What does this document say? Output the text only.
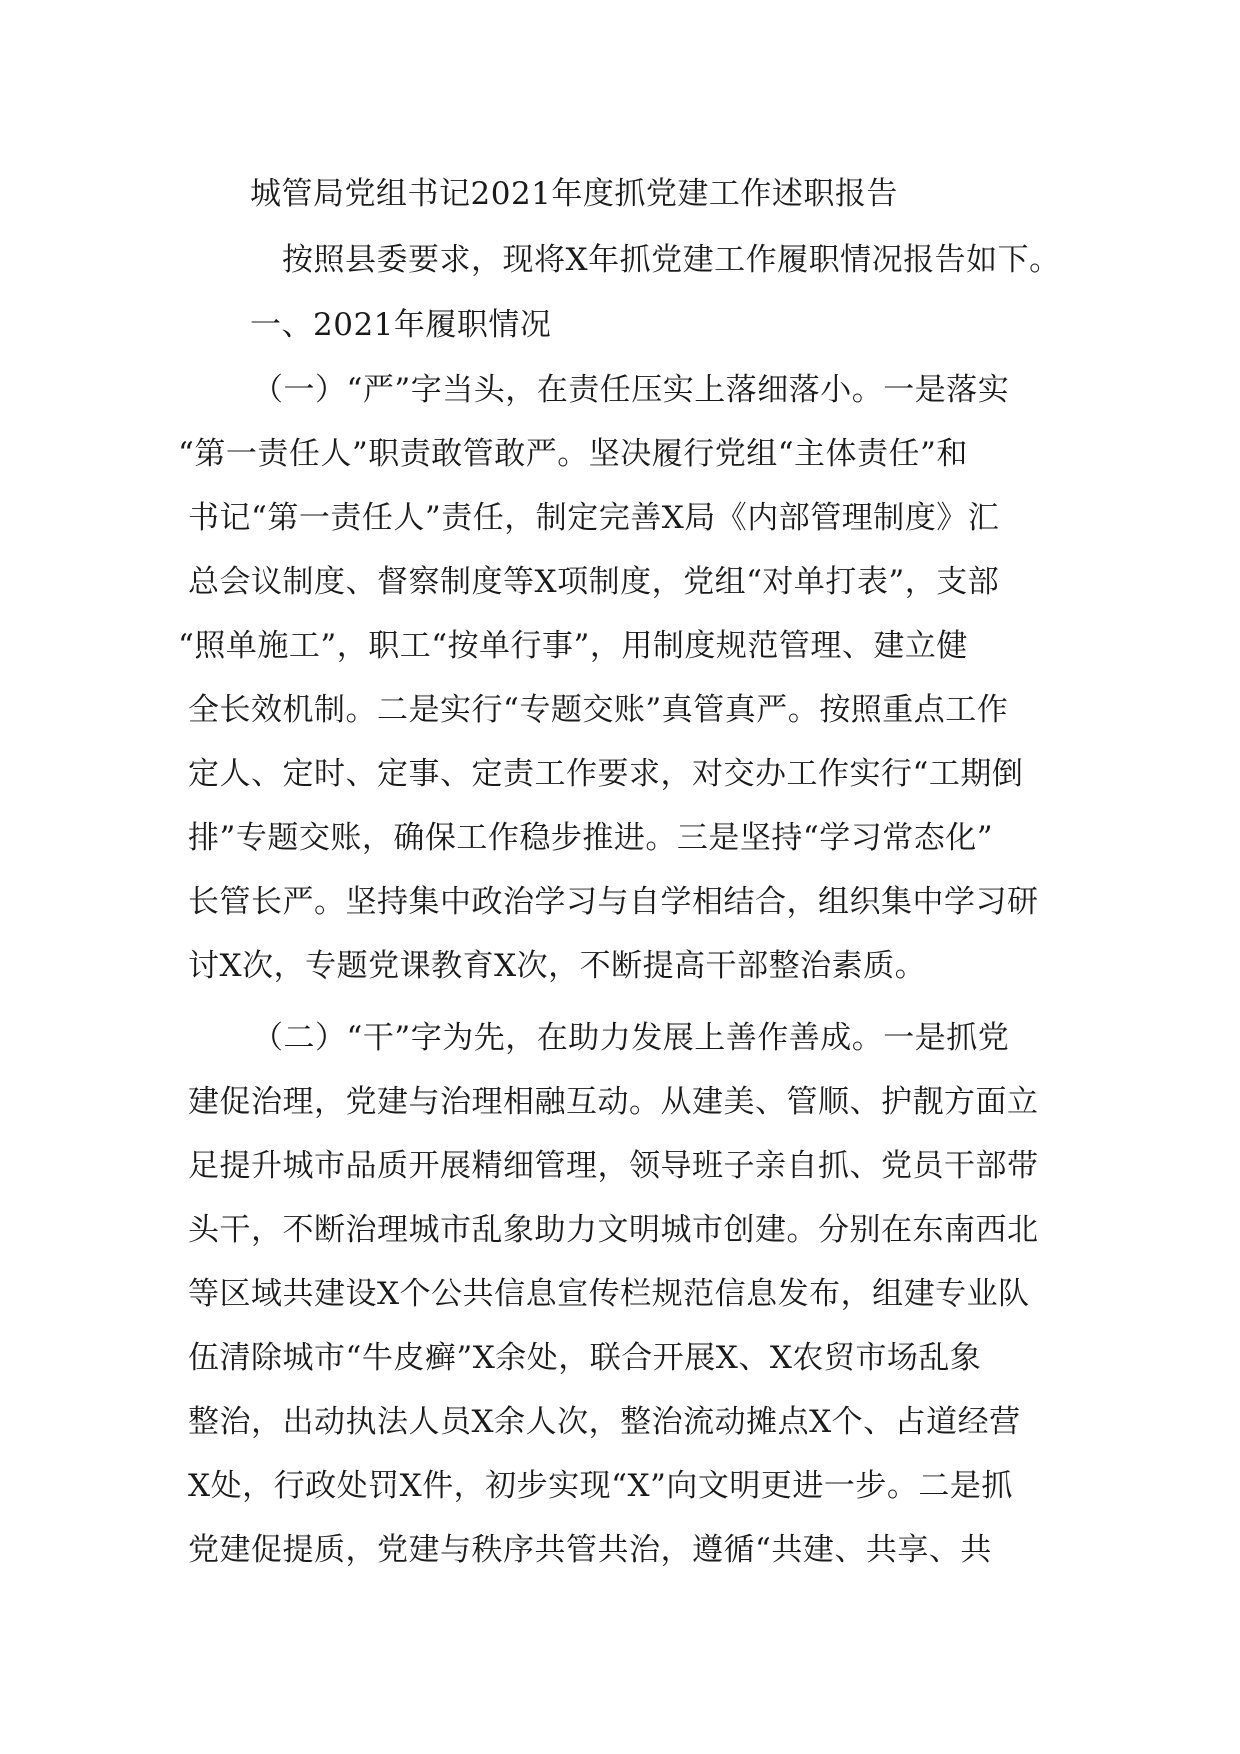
城管局党组书记2021年度抓党建工作述职报告
按照县委要求，现将X年抓党建工作履职情况报告如下。
一、2021年履职情况
（一）“严”字当头，在责任压实上落细落小。一是落实
“第一责任人”职责敢管敢严。坚决履行党组“主体责任”和
书记“第一责任人”责任，制定完善X局《内部管理制度》汇
总会议制度、督察制度等X项制度，党组“对单打表”，支部
“照单施工”，职工“按单行事”，用制度规范管理、建立健
全长效机制。二是实行“专题交账”真管真严。按照重点工作
定人、定时、定事、定责工作要求，对交办工作实行“工期倒
排”专题交账，确保工作稳步推进。三是坚持“学习常态化”
长管长严。坚持集中政治学习与自学相结合，组织集中学习研
讨X次，专题党课教育X次，不断提高干部整治素质。
（二）“干”字为先，在助力发展上善作善成。一是抓党
建促治理，党建与治理相融互动。从建美、管顺、护靓方面立
足提升城市品质开展精细管理，领导班子亲自抓、党员干部带
头干，不断治理城市乱象助力文明城市创建。分别在东南西北
等区域共建设X个公共信息宣传栏规范信息发布，组建专业队
伍清除城市“牛皮癣”X余处，联合开展X、X农贸市场乱象
整治，出动执法人员X余人次，整治流动摊点X个、占道经营
X处，行政处罚X件，初步实现“X”向文明更进一步。二是抓
党建促提质，党建与秩序共管共治，遵循“共建、共享、共
